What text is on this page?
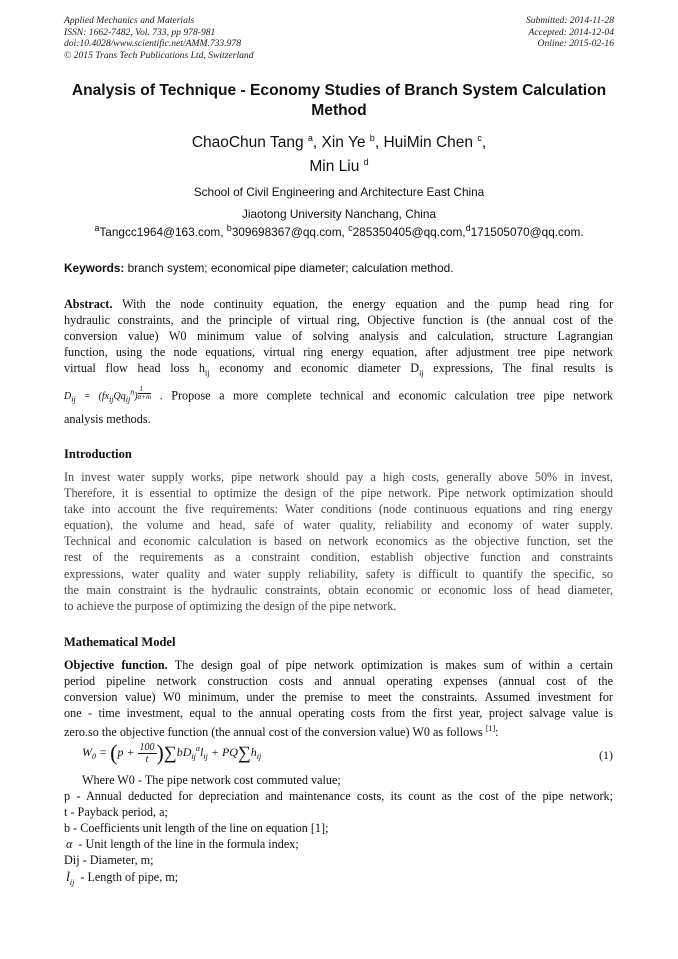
Applied Mechanics and Materials
ISSN: 1662-7482, Vol. 733, pp 978-981
doi:10.4028/www.scientific.net/AMM.733.978
© 2015 Trans Tech Publications Ltd, Switzerland
Submitted: 2014-11-28
Accepted: 2014-12-04
Online: 2015-02-16
Analysis of Technique - Economy Studies of Branch System Calculation
Method
ChaoChun Tang $^a$, Xin Ye $^b$, HuiMin Chen $^c$,
Min Liu $^d$
School of Civil Engineering and Architecture East China
Jiaotong University Nanchang, China
$^a$Tangcc1964@163.com, $^b$309698367@qq.com, $^c$285350405@qq.com,$^d$171505070@qq.com.
Keywords: branch system; economical pipe diameter; calculation method.
Abstract. With the node continuity equation, the energy equation and the pump head ring for
hydraulic constraints, and the principle of virtual ring, Objective function is (the annual cost of the
conversion value) W0 minimum value of solving analysis and calculation, structure Lagrangian
function, using the node equations, virtual ring energy equation, after adjustment tree pipe network
virtual flow head loss $h_{ij}$ economy and economic diameter $D_{ij}$ expressions, The final results is
$D_{ij} = (fx_{ij}Qq_{ij}^n)$ $^{\frac{1}{\alpha+m}}$ . Propose a more complete technical and economic calculation tree pipe network
analysis methods.
Introduction
In invest water supply works, pipe network should pay a high costs, generally above 50% in invest,
Therefore, it is essential to optimize the design of the pipe network. Pipe network optimization should
take into account the five requirements: Water conditions (node continuous equations and ring energy
equation), the volume and head, safe of water quality, reliability and economy of water supply.
Technical and economic calculation is based on network economics as the objective function, set the
rest of the requirements as a constraint condition, establish objective function and constraints
expressions, water quality and water supply reliability, safety is difficult to quantify the specific, so
the main constraint is the hydraulic constraints, obtain economic or economic loss of head diameter,
to achieve the purpose of optimizing the design of the pipe network.
Mathematical Model
Objective function. The design goal of pipe network optimization is makes sum of within a certain
period pipeline network construction costs and annual operating expenses (annual cost of the
conversion value) W0 minimum, under the premise to meet the constraints. Assumed investment for
one - time investment, equal to the annual operating costs from the first year, project salvage value is
zero.so the objective function (the annual cost of the conversion value) W0 as follows [1]:
$W_0 = (p + \frac{100}{t} )\sum bD_{ij}^\alpha l_{ij} + PQ\sum h_{ij}$	(1)
Where W0 - The pipe network cost commuted value;
p - Annual deducted for depreciation and maintenance costs, its count as the cost of the pipe network;
t - Payback period, a;
b - Coefficients unit length of the line on equation [1];
α - Unit length of the line in the formula index;
Dij - Diameter, m;
$l_{ij}$ - Length of pipe, m;
